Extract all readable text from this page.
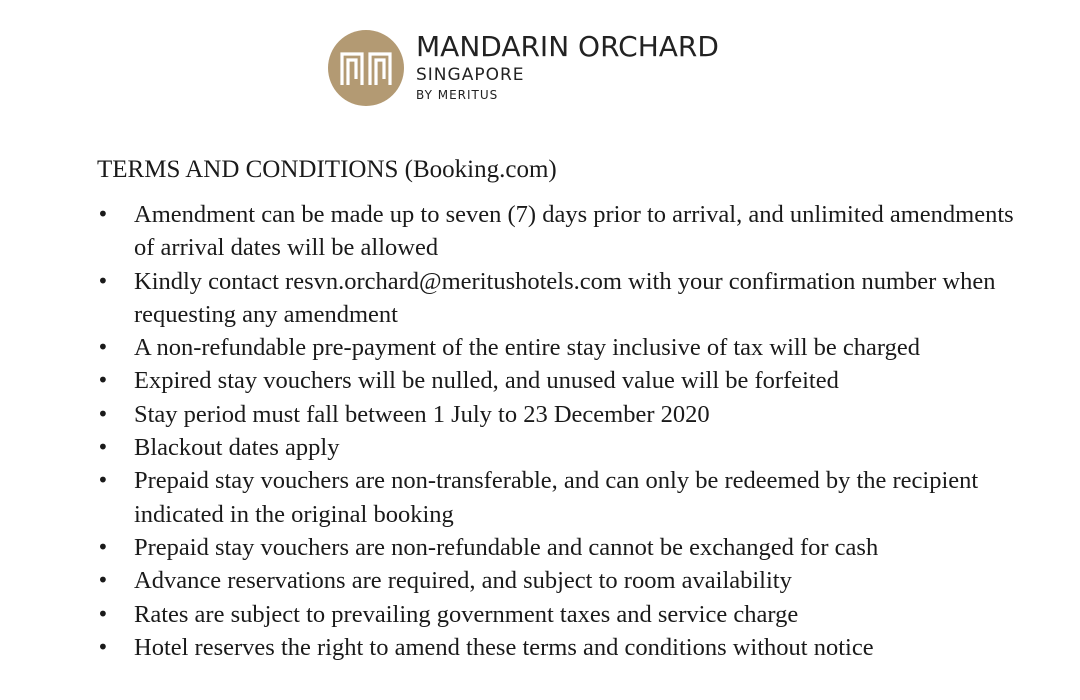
MANDARIN ORCHARD
SINGAPORE
BY MERITUS
TERMS AND CONDITIONS (Booking.com)
•	Amendment can be made up to seven (7) days prior to arrival, and unlimited amendments of arrival dates will be allowed
•	Kindly contact resvn.orchard@meritushotels.com with your confirmation number when requesting any amendment
•	A non-refundable pre-payment of the entire stay inclusive of tax will be charged
•	Expired stay vouchers will be nulled, and unused value will be forfeited
•	Stay period must fall between 1 July to 23 December 2020
•	Blackout dates apply
•	Prepaid stay vouchers are non-transferable, and can only be redeemed by the recipient indicated in the original booking
•	Prepaid stay vouchers are non-refundable and cannot be exchanged for cash
•	Advance reservations are required, and subject to room availability
•	Rates are subject to prevailing government taxes and service charge
•	Hotel reserves the right to amend these terms and conditions without notice
